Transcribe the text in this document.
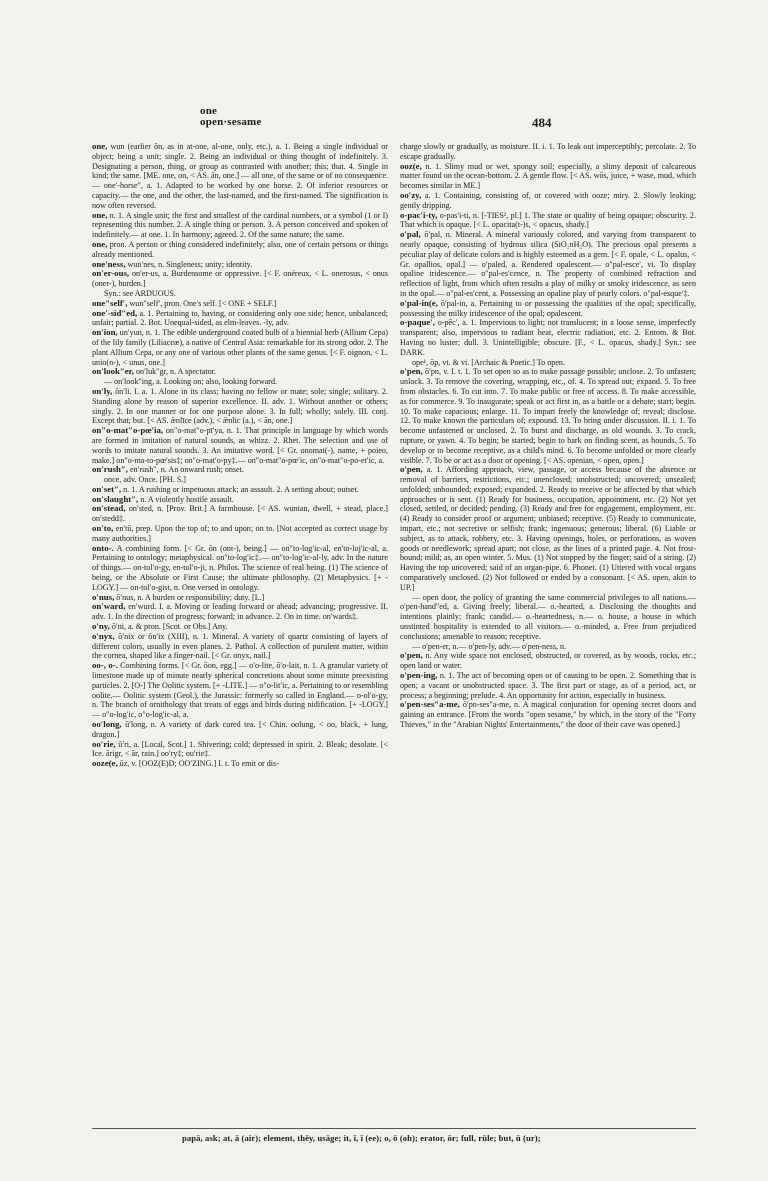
one
open·sesame	484

one, wun (earlier ōn, as in at-one, al-one, only, etc.), a. 1. Being a single individual or object; being a unit; single. 2. Being an individual or thing thought of indefinitely. 3. Designating a person, thing, or group as contrasted with another; this; that. 4. Single in kind; the same. [ME. one, on, < AS. ān, one.] — all one, of the same or of no consequence.— one′-horse″, a. 1. Adapted to be worked by one horse. 2. Of inferior resources or capacity.— the one, and the other, the last-named, and the first-named. The signification is now often reversed.

one, n. 1. A single unit; the first and smallest of the cardinal numbers, or a symbol (1 or I) representing this number. 2. A single thing or person. 3. A person conceived and spoken of indefinitely.— at one. 1. In harmony; agreed. 2. Of the same nature; the same.

one, pron. A person or thing considered indefinitely; also, one of certain persons or things already mentioned.

one′ness, wun′nes, n. Singleness; unity; identity.

on′er-ous, on′er-us, a. Burdensome or oppressive. [< F. onéreux, < L. onerosus, < onus (oner-), burden.]

Syn.: see ARDUOUS.

one″self′, wun″self′, pron. One's self. [< ONE + SELF.]

one′-sid″ed, a. 1. Pertaining to, having, or considering only one side; hence, unbalanced; unfair; partial. 2. Bot. Unequal-sided, as elm-leaves. -ly, adv.

on′ion, un′yun, n. 1. The edible underground coated bulb of a biennial herb (Allium Cepa) of the lily family (Liliaceæ), a native of Central Asia: remarkable for its strong odor. 2. The plant Allium Cepa, or any one of various other plants of the same genus. [< F. oignon, < L. unio(n-), < unus, one.]

on′look″er, on′luk″gr, n. A spectator.

— on′look″ing, a. Looking on; also, looking forward.

on′ly, ōn′li. I. a. 1. Alone in its class; having no fellow or mate; sole; single; solitary. 2. Standing alone by reason of superior excellence. II. adv. 1. Without another or others; singly. 2. In one manner or for one purpose alone. 3. In full; wholly; solely. III. conj. Except that; but. [< AS. ǣnlīce (adv.), < ǣnlic (a.), < ān, one.]

on″o-mat″o-pœ′ia, on″o-mat″o-pī′ya, n. 1. That principle in language by which words are formed in imitation of natural sounds, as whizz. 2. Rhet. The selection and use of words to imitate natural sounds. 3. An imitative word. [< Gr. onomat(-), name, + poieo, make.] on″o-ma-to-pœ′sis‡; on″o-mat′o-py‡.— on″o-mat″o-pœ′ic, on″o-mat″o-po-et′ic, a.

on′rush″, en′rush″, n. An onward rush; onset.

once, adv. Once. [PH. S.]

on′set″, n. 1. A rushing or impetuous attack; an assault. 2. A setting about; outset.

on′slaught″, n. A violently hostile assault.

on′stead, on′sted, n. [Prov. Brit.] A farmhouse. [< AS. wunian, dwell, + stead, place.] on′stedd‡.

on′to, en′tū, prep. Upon the top of; to and upon; on to. [Not accepted as correct usage by many authorities.]

onto-. A combining form. [< Gr. ōn (ont-), being.] — on″to-log′ic-al, en′to-loj′ic-al, a. Pertaining to ontology; metaphysical. on″to-log′ic‡.— on″to-log′ic-al-ly, adv. In the nature of things.— on-tol′o-gy, en-tol′o-ji, n. Philos. The science of real being. (1) The science of being, or the Absolute or First Cause; the ultimate philosophy. (2) Metaphysics. [+ -LOGY.] — on-tol′o-gist, n. One versed in ontology.

o′nus, ō′nus, n. A burden or responsibility; duty. [L.]

on′ward, en′wurd. I. a. Moving or leading forward or ahead; advancing; progressive. II. adv. 1. In the direction of progress; forward; in advance. 2. On in time. on′wards‡.

o′ny, ō′ni, a. & pron. [Scot. or Obs.] Any.

o′nyx, ō′nix or ōn′ix (XIII), n. 1. Mineral. A variety of quartz consisting of layers of different colors, usually in even planes. 2. Pathol. A collection of purulent matter, within the cornea, shaped like a finger-nail. [< Gr. onyx, nail.]

oo-, o-. Combining forms. [< Gr. ōon, egg.] — o′o-lite, ō′o-lait, n. 1. A granular variety of limestone made up of minute nearly spherical concretions about some minute preexisting particles. 2. [O-] The Oolitic system. [+ -LITE.] — o″o-lit′ic, a. Pertaining to or resembling oolite.— Oolitic system (Geol.), the Jurassic: formerly so called in England.— o-ol′o-gy, n. The branch of ornithology that treats of eggs and birds during nidification. [+ -LOGY.] — o″o-log′ic, o″o-log′ic-al, a.

oo′long, ū′long, n. A variety of dark cured tea. [< Chin. oolung, < oo, black, + lung, dragon.]

oo′rie, ū′ri, a. [Local, Scot.] 1. Shivering; cold; depressed in spirit. 2. Bleak; desolate. [< Ice. ārigr, < ār, rain.] oo′ry‡; ou′rie‡.

ooze(e, ūz, v. [OOZ(E)D; OO′ZING.] I. t. To emit or dis-

charge slowly or gradually, as moisture. II. i. 1. To leak out imperceptibly; percolate. 2. To escape gradually.

ooz(e, n. 1. Slimy mud or wet, spongy soil; especially, a slimy deposit of calcareous matter found on the ocean-bottom. 2. A gentle flow. [< AS. wōs, juice, + wase, mud, which becomes similar in ME.]

oo′zy, a. 1. Containing, consisting of, or covered with ooze; miry. 2. Slowly leaking; gently dripping.

o-pac′i-ty, o-pas′i-ti, n. [-TIES², pl.] 1. The state or quality of being opaque; obscurity. 2. That which is opaque. [< L. opacita(t-)s, < opacus, shady.]

o′pal, ō′pal, n. Mineral. A mineral variously colored, and varying from transparent to nearly opaque, consisting of hydrous silica (SiO₂nH₂O). The precious opal presents a peculiar play of delicate colors and is highly esteemed as a gem. [< F. opale, < L. opalus, < Gr. opallios, opal.] — o′paled, a. Rendered opalescent.— o″pal-esce′, vi. To display opaline iridescence.— o″pal-es′cence, n. The property of combined refraction and reflection of light, from which often results a play of milky or smoky iridescence, as seen in the opal.— o″pal-es′cent, a. Possessing an opaline play of pearly colors. o″pal-esque′‡.

o′pal-in(e, ō′pal-in, a. Pertaining to or possessing the qualities of the opal; specifically, possessing the milky iridescence of the opal; opalescent.

o-paque′, o-pēc′, a. 1. Impervious to light; not translucent; in a loose sense, imperfectly transparent; also, impervious to radiant heat, electric radiation, etc. 2. Entom. & Bot. Having no luster; dull. 3. Unintelligible; obscure. [F., < L. opacus, shady.] Syn.: see DARK.

ope¹, ōp, vt. & vi. [Archaic & Poetic.] To open.

o′pen, ō′pn, v. I. t. 1. To set open so as to make passage possible; unclose. 2. To unfasten; unlock. 3. To remove the covering, wrapping, etc., of. 4. To spread out; expand. 5. To free from obstacles. 6. To cut into. 7. To make public or free of access. 8. To make accessible, as for commerce. 9. To inaugurate; speak or act first in, as a battle or a debate; start; begin. 10. To make capacious; enlarge. 11. To impart freely the knowledge of; reveal; disclose. 12. To make known the particulars of; expound. 13. To bring under discussion. II. i. 1. To become unfastened or unclosed. 2. To burst and discharge, as old wounds. 3. To crack, rupture, or yawn. 4. To begin; be started; begin to bark on finding scent, as hounds. 5. To develop or to become receptive, as a child's mind. 6. To become unfolded or more clearly visible. 7. To be or act as a door or opening. [< AS. openian, < open, open.]

o′pen, a. 1. Affording approach, view, passage, or access because of the absence or removal of barriers, restrictions, etc.; unenclosed; unobstructed; uncovered; unsealed; unfolded; unbounded; exposed; expanded. 2. Ready to receive or be affected by that which approaches or is sent. (1) Ready for business, occupation, appointment, etc. (2) Not yet closed, settled, or decided; pending. (3) Ready and free for engagement, employment, etc. (4) Ready to consider proof or argument; unbiased; receptive. (5) Ready to communicate, impart, etc.; not secretive or selfish; frank; ingenuous; generous; liberal. (6) Liable or subject, as to attack, robbery, etc. 3. Having openings, holes, or perforations, as woven goods or needlework; spread apart; not close, as the lines of a printed page. 4. Not frost-bound; mild; as, an open winter. 5. Mus. (1) Not stopped by the finger; said of a string. (2) Having the top uncovered; said of an organ-pipe. 6. Phonet. (1) Uttered with vocal organs comparatively unclosed. (2) Not followed or ended by a consonant. [< AS. open, akin to UP.]

— open door, the policy of granting the same commercial privileges to all nations.— o′pen-hand″ed, a. Giving freely; liberal.— o.-hearted, a. Disclosing the thoughts and intentions plainly; frank; candid.— o.-heartedness, n.— o. house, a house in which unstinted hospitality is extended to all visitors.— o.-minded, a. Free from prejudiced conclusions; amenable to reason; receptive.

— o′pen-er, n.— o′pen-ly, adv.— o′pen-ness, n.

o′pen, n. Any wide space not enclosed, obstructed, or covered, as by woods, rocks, etc.; open land or water.

o′pen-ing, n. 1. The act of becoming open or of causing to be open. 2. Something that is open; a vacant or unobstructed space. 3. The first part or stage, as of a period, act, or process; a beginning; prelude. 4. An opportunity for action, especially in business.

o′pen-ses″a-me, ō′pn-ses″a-me, n. A magical conjuration for opening secret doors and gaining an entrance. [From the words "open sesame," by which, in the story of the "Forty Thieves," in the "Arabian Nights' Entertainments," the door of their cave was opened.]

papā, ask; at, ā (air); element, thēy, usāge; it, ī, ī (ee); o, ō (oh); erator, ōr; full, rūle; but, ū (ur);
